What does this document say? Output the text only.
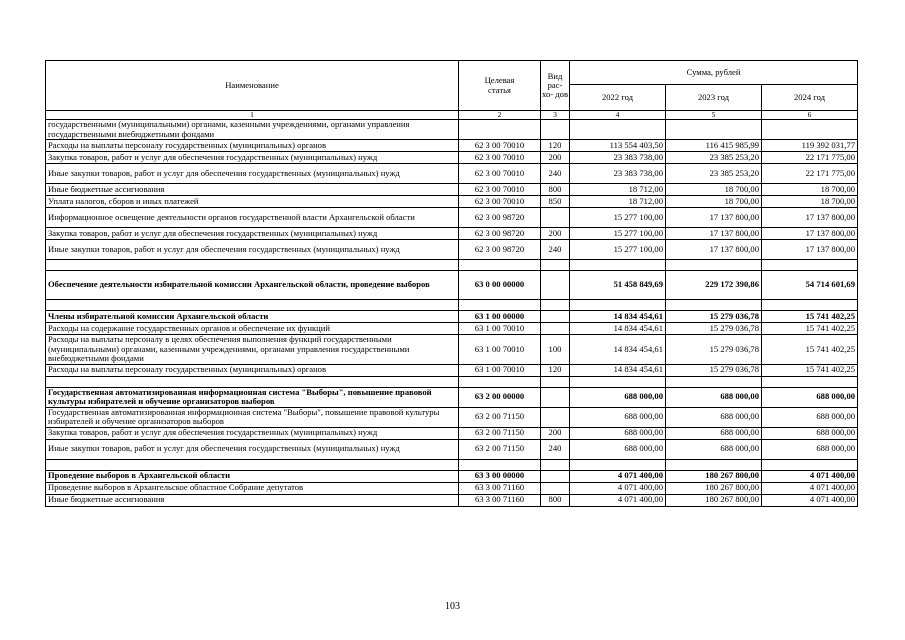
Наименование	Целевая статья	Вид рас- хо- дов	Сумма, рублей		
			2022 год	2023 год	2024 год
1	2	3	4	5	6
государственными (муниципальными) органами, казенными учреждениями, органами управления государственными внебюджетными фондами					
Расходы на выплаты персоналу государственных (муниципальных) органов	62 3 00 70010	120	113 554 403,50	116 415 985,99	119 392 031,77
Закупка товаров, работ и услуг для обеспечения государственных (муниципальных) нужд	62 3 00 70010	200	23 383 738,00	23 385 253,20	22 171 775,00
Иные закупки товаров, работ и услуг для обеспечения государственных (муниципальных) нужд	62 3 00 70010	240	23 383 738,00	23 385 253,20	22 171 775,00
Иные бюджетные ассигнования	62 3 00 70010	800	18 712,00	18 700,00	18 700,00
Уплата налогов, сборов и иных платежей	62 3 00 70010	850	18 712,00	18 700,00	18 700,00
Информационное освещение деятельности органов государственной власти Архангельской области	62 3 00 98720		15 277 100,00	17 137 800,00	17 137 800,00
Закупка товаров, работ и услуг для обеспечения государственных (муниципальных) нужд	62 3 00 98720	200	15 277 100,00	17 137 800,00	17 137 800,00
Иные закупки товаров, работ и услуг для обеспечения государственных (муниципальных) нужд	62 3 00 98720	240	15 277 100,00	17 137 800,00	17 137 800,00

Обеспечение деятельности избирательной комиссии Архангельской области, проведение выборов	63 0 00 00000		51 458 849,69	229 172 390,86	54 714 601,69

Члены избирательной комиссии Архангельской области	63 1 00 00000		14 834 454,61	15 279 036,78	15 741 402,25
Расходы на содержание государственных органов и обеспечение их функций	63 1 00 70010		14 834 454,61	15 279 036,78	15 741 402,25
Расходы на выплаты персоналу в целях обеспечения выполнения функций государственными (муниципальными) органами, казенными учреждениями, органами управления государственными внебюджетными фондами	63 1 00 70010	100	14 834 454,61	15 279 036,78	15 741 402,25
Расходы на выплаты персоналу государственных (муниципальных) органов	63 1 00 70010	120	14 834 454,61	15 279 036,78	15 741 402,25

Государственная автоматизированная информационная система "Выборы", повышение правовой культуры избирателей и обучение организаторов выборов	63 2 00 00000		688 000,00	688 000,00	688 000,00
Государственная автоматизированная информационная система "Выборы", повышение правовой культуры избирателей и обучение организаторов выборов	63 2 00 71150		688 000,00	688 000,00	688 000,00
Закупка товаров, работ и услуг для обеспечения государственных (муниципальных) нужд	63 2 00 71150	200	688 000,00	688 000,00	688 000,00
Иные закупки товаров, работ и услуг для обеспечения государственных (муниципальных) нужд	63 2 00 71150	240	688 000,00	688 000,00	688 000,00

Проведение выборов в Архангельской области	63 3 00 00000		4 071 400,00	180 267 800,00	4 071 400,00
Проведение выборов в Архангельское областное Собрание депутатов	63 3 00 71160		4 071 400,00	180 267 800,00	4 071 400,00
Иные бюджетные ассигнования	63 3 00 71160	800	4 071 400,00	180 267 800,00	4 071 400,00
103
